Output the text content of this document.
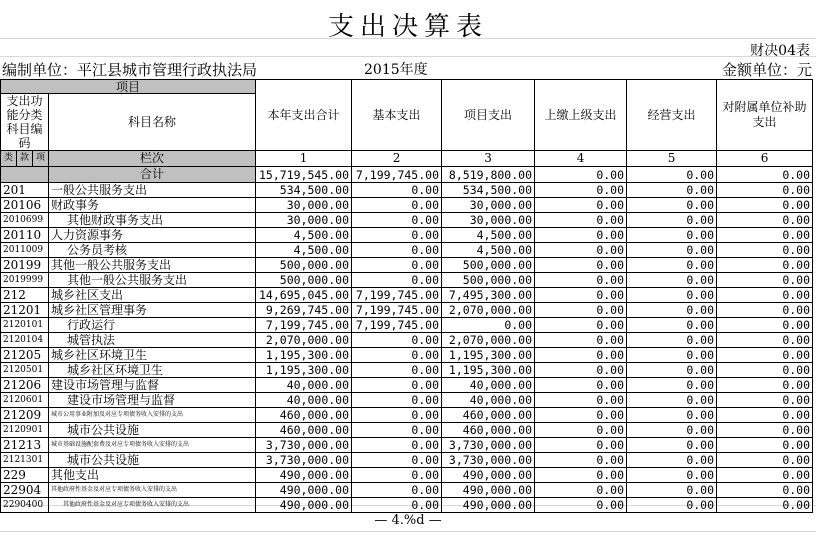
支出决算表
财决04表
编制单位：平江县城市管理行政执法局	2015年度	金额单位：元
项目				本年支出合计	基本支出	项目支出	上缴上级支出	经营支出	对附属单位补助支出
支出功能分类科目编码			科目名称						

类	款	项	栏次	1	2	3	4	5	6
			合计	15,719,545.00	7,199,745.00	8,519,800.00	0.00	0.00	0.00
201			一般公共服务支出	534,500.00	0.00	534,500.00	0.00	0.00	0.00
20106			财政事务	30,000.00	0.00	30,000.00	0.00	0.00	0.00
2010699			其他财政事务支出	30,000.00	0.00	30,000.00	0.00	0.00	0.00
20110			人力资源事务	4,500.00	0.00	4,500.00	0.00	0.00	0.00
2011009			公务员考核	4,500.00	0.00	4,500.00	0.00	0.00	0.00
20199			其他一般公共服务支出	500,000.00	0.00	500,000.00	0.00	0.00	0.00
2019999			其他一般公共服务支出	500,000.00	0.00	500,000.00	0.00	0.00	0.00
212			城乡社区支出	14,695,045.00	7,199,745.00	7,495,300.00	0.00	0.00	0.00
21201			城乡社区管理事务	9,269,745.00	7,199,745.00	2,070,000.00	0.00	0.00	0.00
2120101			行政运行	7,199,745.00	7,199,745.00	0.00	0.00	0.00	0.00
2120104			城管执法	2,070,000.00	0.00	2,070,000.00	0.00	0.00	0.00
21205			城乡社区环境卫生	1,195,300.00	0.00	1,195,300.00	0.00	0.00	0.00
2120501			城乡社区环境卫生	1,195,300.00	0.00	1,195,300.00	0.00	0.00	0.00
21206			建设市场管理与监督	40,000.00	0.00	40,000.00	0.00	0.00	0.00
2120601			建设市场管理与监督	40,000.00	0.00	40,000.00	0.00	0.00	0.00
21209			城市公用事业附加及对应专项债务收入安排的支出	460,000.00	0.00	460,000.00	0.00	0.00	0.00
2120901			城市公共设施	460,000.00	0.00	460,000.00	0.00	0.00	0.00
21213			城市基础设施配套费及对应专项债务收入安排的支出	3,730,000.00	0.00	3,730,000.00	0.00	0.00	0.00
2121301			城市公共设施	3,730,000.00	0.00	3,730,000.00	0.00	0.00	0.00
229			其他支出	490,000.00	0.00	490,000.00	0.00	0.00	0.00
22904			其他政府性基金及对应专项债务收入安排的支出	490,000.00	0.00	490,000.00	0.00	0.00	0.00
2290400			其他政府性基金及对应专项债务收入安排的支出	490,000.00	0.00	490,000.00	0.00	0.00	0.00
— 4.%d —
